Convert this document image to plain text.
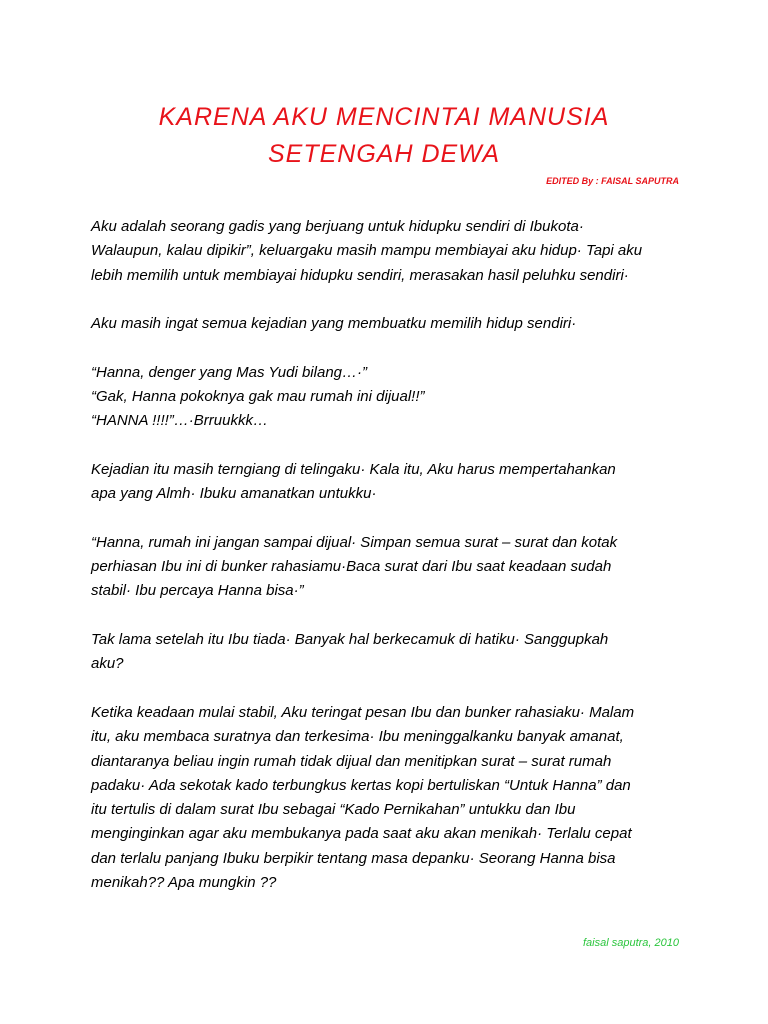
KARENA AKU MENCINTAI MANUSIA
SETENGAH DEWA
EDITED By : FAISAL SAPUTRA
Aku adalah seorang gadis yang berjuang untuk hidupku sendiri di Ibukota·
Walaupun, kalau dipikir”, keluargaku masih mampu membiayai aku hidup· Tapi aku
lebih memilih untuk membiayai hidupku sendiri, merasakan hasil peluhku sendiri·
Aku masih ingat semua kejadian yang membuatku memilih hidup sendiri·
“Hanna, denger yang Mas Yudi bilang…·”
“Gak, Hanna pokoknya gak mau rumah ini dijual!!”
“HANNA !!!!”…·Brruukkk…
Kejadian itu masih terngiang di telingaku· Kala itu, Aku harus mempertahankan
apa yang Almh· Ibuku amanatkan untukku·
“Hanna, rumah ini jangan sampai dijual· Simpan semua surat – surat dan kotak
perhiasan Ibu ini di bunker rahasiamu·Baca surat dari Ibu saat keadaan sudah
stabil· Ibu percaya Hanna bisa·”
Tak lama setelah itu Ibu tiada· Banyak hal berkecamuk di hatiku· Sanggupkah
aku?
Ketika keadaan mulai stabil, Aku teringat pesan Ibu dan bunker rahasiaku· Malam
itu, aku membaca suratnya dan terkesima· Ibu meninggalkanku banyak amanat,
diantaranya beliau ingin rumah tidak dijual dan menitipkan surat – surat rumah
padaku· Ada sekotak kado terbungkus kertas kopi bertuliskan “Untuk Hanna” dan
itu tertulis di dalam surat Ibu sebagai “Kado Pernikahan” untukku dan Ibu
menginginkan agar aku membukanya pada saat aku akan menikah· Terlalu cepat
dan terlalu panjang Ibuku berpikir tentang masa depanku· Seorang Hanna bisa
menikah?? Apa mungkin ??
faisal saputra, 2010
